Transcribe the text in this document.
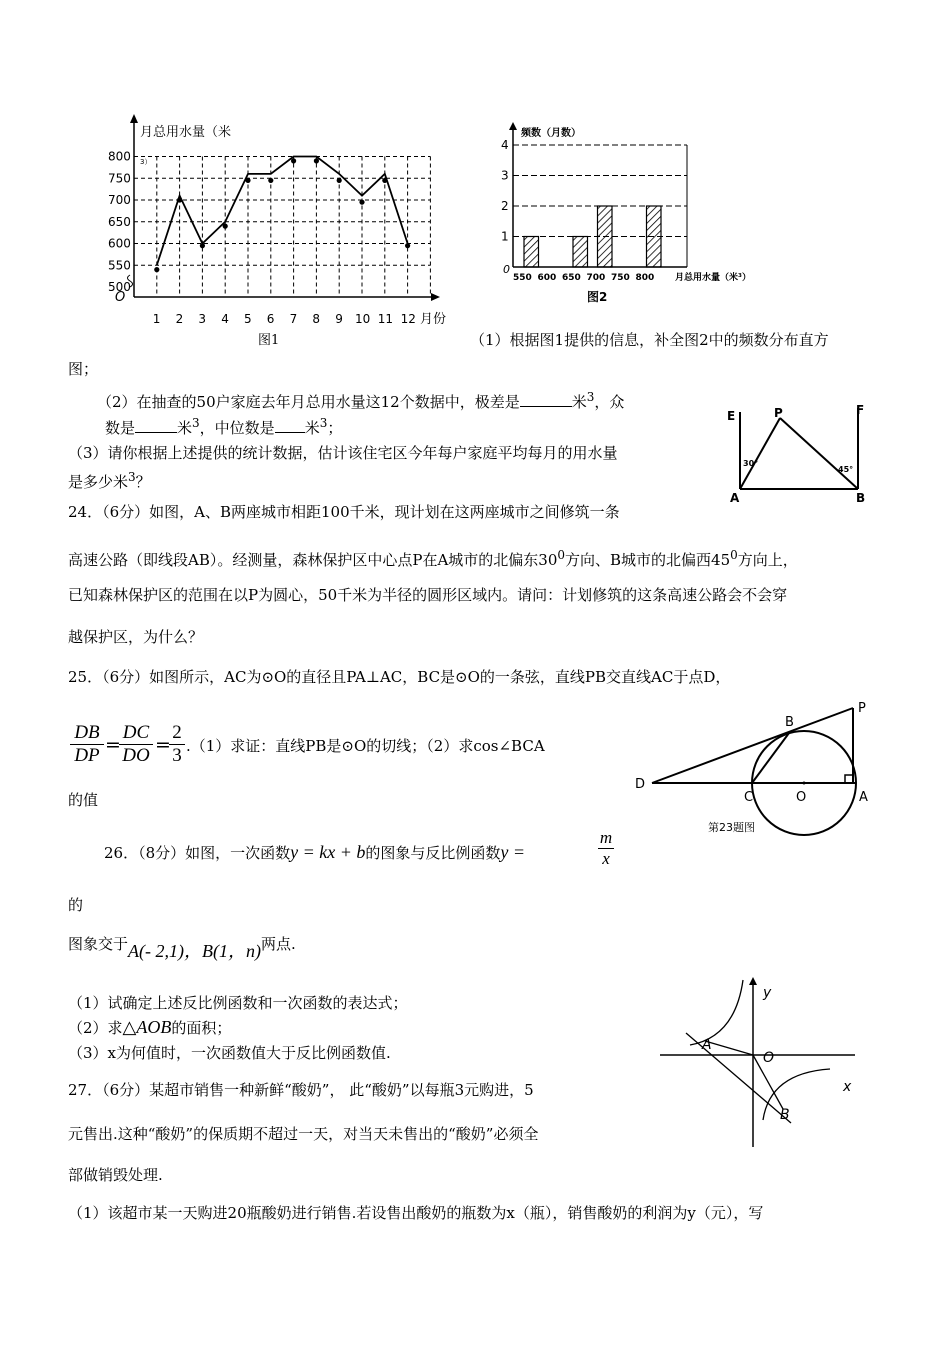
500
550
600
650
700
750
800
1 2 3 4 5 6 7 8 9 10 11 12
月总用水量（米
3）
O
月份
图1
1
2
3
4
550 600 650 700 750 800
频数（月数）
0
月总用水量（米³）
图2
（1）根据图1提供的信息，补全图2中的频数分布直方
图；
（2）在抽查的50户家庭去年月总用水量这12个数据中，极差是	米$^3$，众
数是	米$^3$，中位数是 米$^3$；
（3）请你根据上述提供的统计数据，估计该住宅区今年每户家庭平均每月的用水量
是多少米$^3$？
E	P	F
A	B
30°
45°
24．（6分）如图，A、B两座城市相距100千米，现计划在这两座城市之间修筑一条
高速公路（即线段AB）。经测量，森林保护区中心点P在A城市的北偏东$30^0$方向、B城市的北偏西$45^0$方向上，
已知森林保护区的范围在以P为圆心，50千米为半径的圆形区域内。请问：计划修筑的这条高速公路会不会穿
越保护区，为什么？
25．（6分）如图所示，AC为⊙O的直径且PA⊥AC，BC是⊙O的一条弦，直线PB交直线AC于点D，
$\frac{DB}{DP}$ =
$\frac{DC}{DO}$ =
$\frac{2}{3} .(1)$求证：直线PB是⊙O的切线；（2）求cos∠BCA
的值
D
C	O	A
B
P
第23题图
26．（8分）如图，一次函数y = kx + b的图象与反比例函数y =	$\frac{m}{x}$
的
图象交于A(- 2,1)，B(1，n)两点.
（1）试确定上述反比例函数和一次函数的表达式；
（2）求△AOB的面积；
（3）x为何值时，一次函数值大于反比例函数值.
y
x
O
A
B
27．（6分）某超市销售一种新鲜“酸奶”， 此“酸奶”以每瓶3元购进，5
元售出.这种“酸奶”的保质期不超过一天，对当天未售出的“酸奶”必须全
部做销毁处理.
（1）该超市某一天购进20瓶酸奶进行销售.若设售出酸奶的瓶数为x（瓶），销售酸奶的利润为y（元），写
